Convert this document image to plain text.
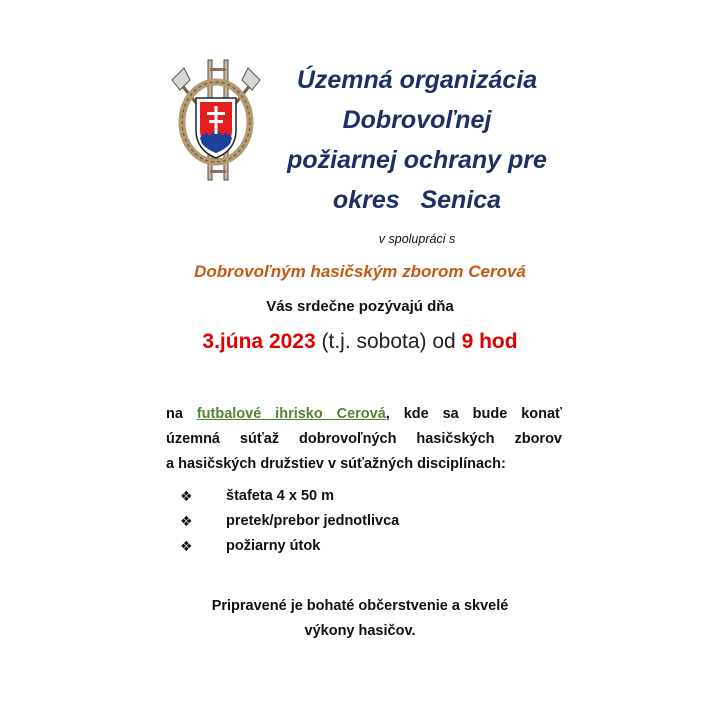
Územná organizácia
Dobrovoľnej
požiarnej ochrany pre
okres   Senica
v spolupráci s
Dobrovoľným hasičským zborom Cerová
Vás srdečne pozývajú dňa
3.júna 2023 (t.j. sobota) od 9 hod
na futbalové ihrisko Cerová, kde sa bude konať
územná súťaž dobrovoľných hasičských zborov
a hasičských družstiev v súťažných disciplínach:
❖	štafeta 4 x 50 m
❖	pretek/prebor jednotlivca
❖	požiarny útok
Pripravené je bohaté občerstvenie a skvelé
výkony hasičov.
